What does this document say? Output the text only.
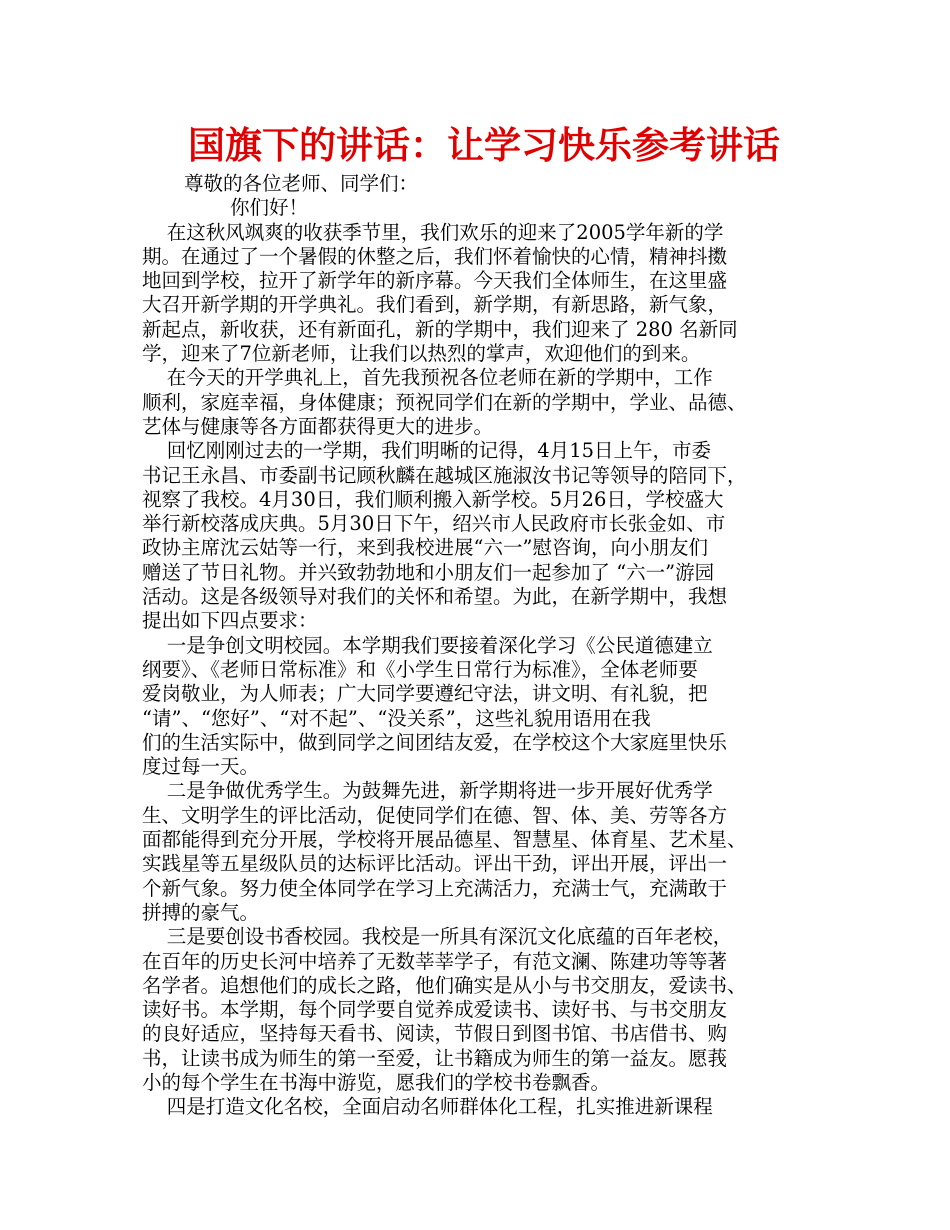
国旗下的讲话：让学习快乐参考讲话

尊敬的各位老师、同学们：

你们好！

在这秋风飒爽的收获季节里，我们欢乐的迎来了2005学年新的学

期。在通过了一个暑假的休整之后，我们怀着愉快的心情，精神抖擞

地回到学校，拉开了新学年的新序幕。今天我们全体师生，在这里盛

大召开新学期的开学典礼。我们看到，新学期，有新思路，新气象，

新起点，新收获，还有新面孔，新的学期中，我们迎来了 280 名新同

学，迎来了7位新老师，让我们以热烈的掌声，欢迎他们的到来。

在今天的开学典礼上，首先我预祝各位老师在新的学期中，工作

顺利，家庭幸福，身体健康；预祝同学们在新的学期中，学业、品德、

艺体与健康等各方面都获得更大的进步。

回忆刚刚过去的一学期，我们明晰的记得，4月15日上午，市委

书记王永昌、市委副书记顾秋麟在越城区施淑汝书记等领导的陪同下，

视察了我校。4月30日，我们顺利搬入新学校。5月26日，学校盛大

举行新校落成庆典。5月30日下午，绍兴市人民政府市长张金如、市

政协主席沈云姑等一行，来到我校进展“六一”慰咨询，向小朋友们

赠送了节日礼物。并兴致勃勃地和小朋友们一起参加了 “六一”游园

活动。这是各级领导对我们的关怀和希望。为此，在新学期中，我想

提出如下四点要求：

一是争创文明校园。本学期我们要接着深化学习《公民道德建立

纲要》、《老师日常标准》和《小学生日常行为标准》，全体老师要

爱岗敬业，为人师表；广大同学要遵纪守法，讲文明、有礼貌，把

“请”、“您好”、“对不起”、“没关系”，这些礼貌用语用在我

们的生活实际中，做到同学之间团结友爱，在学校这个大家庭里快乐

度过每一天。

二是争做优秀学生。为鼓舞先进，新学期将进一步开展好优秀学

生、文明学生的评比活动，促使同学们在德、智、体、美、劳等各方

面都能得到充分开展，学校将开展品德星、智慧星、体育星、艺术星、

实践星等五星级队员的达标评比活动。评出干劲，评出开展，评出一

个新气象。努力使全体同学在学习上充满活力，充满士气，充满敢于

拼搏的豪气。

三是要创设书香校园。我校是一所具有深沉文化底蕴的百年老校，

在百年的历史长河中培养了无数莘莘学子，有范文澜、陈建功等等著

名学者。追想他们的成长之路，他们确实是从小与书交朋友，爱读书、

读好书。本学期，每个同学要自觉养成爱读书、读好书、与书交朋友

的良好适应，坚持每天看书、阅读，节假日到图书馆、书店借书、购

书，让读书成为师生的第一至爱，让书籍成为师生的第一益友。愿莪

小的每个学生在书海中游览，愿我们的学校书卷飘香。

四是打造文化名校，全面启动名师群体化工程，扎实推进新课程
